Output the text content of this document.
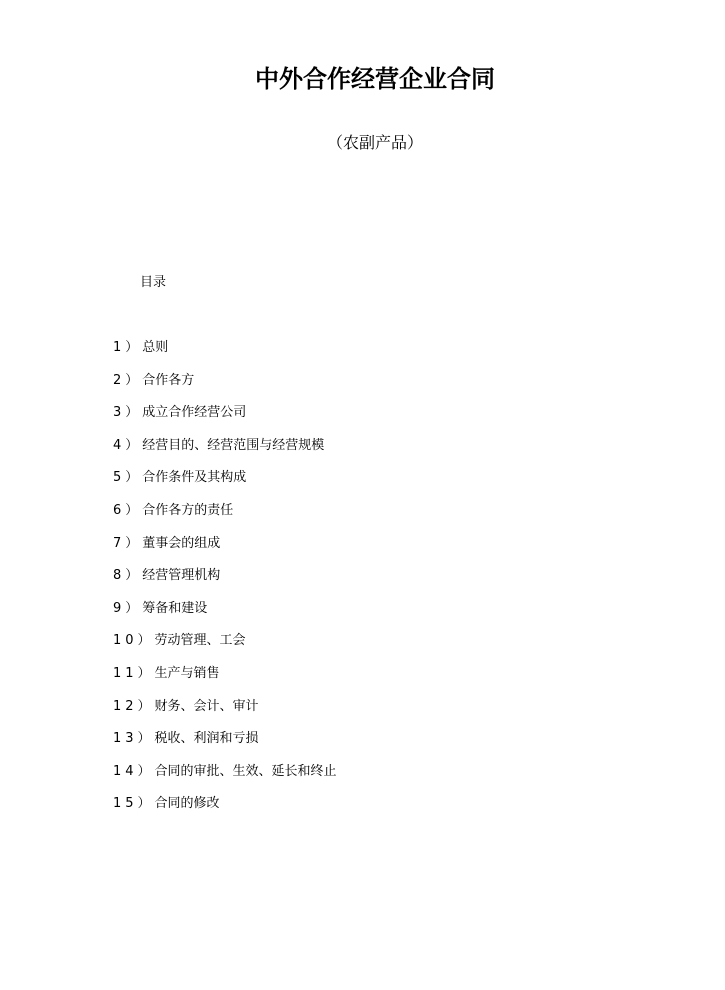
中外合作经营企业合同
（农副产品）
目录
1）总则
2）合作各方
3）成立合作经营公司
4）经营目的、经营范围与经营规模
5）合作条件及其构成
6）合作各方的责任
7）董事会的组成
8）经营管理机构
9）筹备和建设
10）劳动管理、工会
11）生产与销售
12）财务、会计、审计
13）税收、利润和亏损
14）合同的审批、生效、延长和终止
15）合同的修改
